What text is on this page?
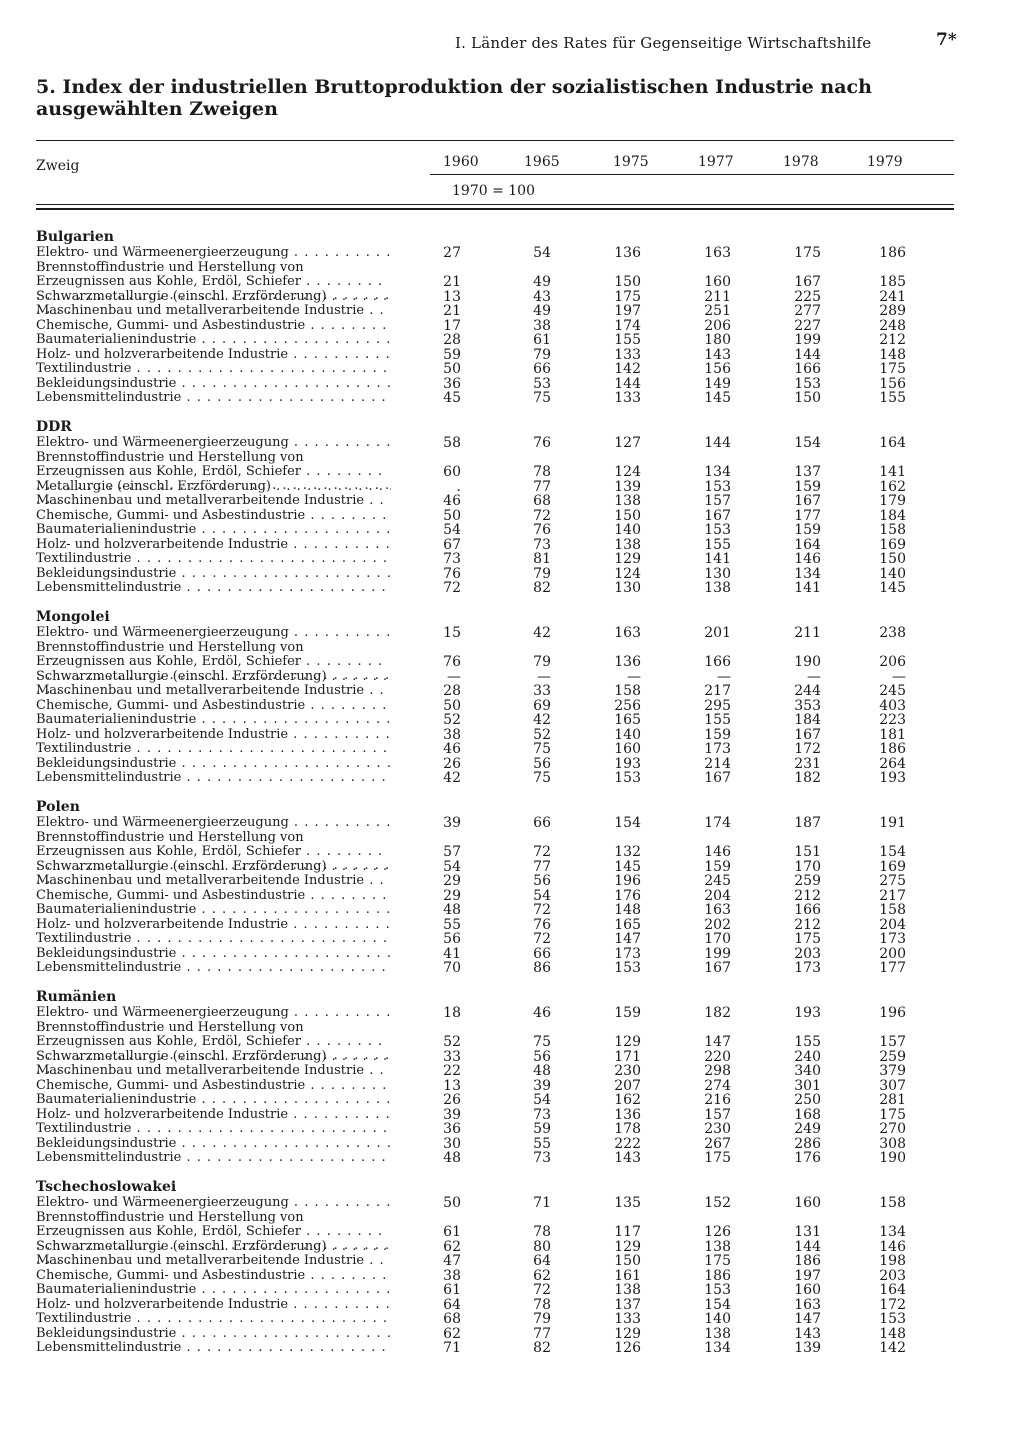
I. Länder des Rates für Gegenseitige Wirtschaftshilfe	7*
5. Index der industriellen Bruttoproduktion der sozialistischen Industrie nach ausgewählten Zweigen
Zweig	1960	1965	1975	1977	1978	1979
1970 = 100
Bulgarien
Elektro- und Wärmeenergieerzeugung . . .	27	54	136	163	175	186
Brennstoffindustrie und Herstellung von Erzeugnissen aus Kohle, Erdöl, Schiefer . . .	21	49	150	160	167	185
Schwarzmetallurgie (einschl. Erzförderung) . . .	13	43	175	211	225	241
Maschinenbau und metallverarbeitende Industrie . . .	21	49	197	251	277	289
Chemische, Gummi- und Asbestindustrie . . .	17	38	174	206	227	248
Baumaterialienindustrie . . .	28	61	155	180	199	212
Holz- und holzverarbeitende Industrie . . .	59	79	133	143	144	148
Textilindustrie . . .	50	66	142	156	166	175
Bekleidungsindustrie . . .	36	53	144	149	153	156
Lebensmittelindustrie . . .	45	75	133	145	150	155
DDR
Elektro- und Wärmeenergieerzeugung . . .	58	76	127	144	154	164
Brennstoffindustrie und Herstellung von Erzeugnissen aus Kohle, Erdöl, Schiefer . . .	60	78	124	134	137	141
Metallurgie (einschl. Erzförderung) . . .	.	77	139	153	159	162
Maschinenbau und metallverarbeitende Industrie . . .	46	68	138	157	167	179
Chemische, Gummi- und Asbestindustrie . . .	50	72	150	167	177	184
Baumaterialienindustrie . . .	54	76	140	153	159	158
Holz- und holzverarbeitende Industrie . . .	67	73	138	155	164	169
Textilindustrie . . .	73	81	129	141	146	150
Bekleidungsindustrie . . .	76	79	124	130	134	140
Lebensmittelindustrie . . .	72	82	130	138	141	145
Mongolei
Elektro- und Wärmeenergieerzeugung . . .	15	42	163	201	211	238
Brennstoffindustrie und Herstellung von Erzeugnissen aus Kohle, Erdöl, Schiefer . . .	76	79	136	166	190	206
Schwarzmetallurgie (einschl. Erzförderung) . . .	—	—	—	—	—	—
Maschinenbau und metallverarbeitende Industrie . . .	28	33	158	217	244	245
Chemische, Gummi- und Asbestindustrie . . .	50	69	256	295	353	403
Baumaterialienindustrie . . .	52	42	165	155	184	223
Holz- und holzverarbeitende Industrie . . .	38	52	140	159	167	181
Textilindustrie . . .	46	75	160	173	172	186
Bekleidungsindustrie . . .	26	56	193	214	231	264
Lebensmittelindustrie . . .	42	75	153	167	182	193
Polen
Elektro- und Wärmeenergieerzeugung . . .	39	66	154	174	187	191
Brennstoffindustrie und Herstellung von Erzeugnissen aus Kohle, Erdöl, Schiefer . . .	57	72	132	146	151	154
Schwarzmetallurgie (einschl. Erzförderung) . . .	54	77	145	159	170	169
Maschinenbau und metallverarbeitende Industrie . . .	29	56	196	245	259	275
Chemische, Gummi- und Asbestindustrie . . .	29	54	176	204	212	217
Baumaterialienindustrie . . .	48	72	148	163	166	158
Holz- und holzverarbeitende Industrie . . .	55	76	165	202	212	204
Textilindustrie . . .	56	72	147	170	175	173
Bekleidungsindustrie . . .	41	66	173	199	203	200
Lebensmittelindustrie . . .	70	86	153	167	173	177
Rumänien
Elektro- und Wärmeenergieerzeugung . . .	18	46	159	182	193	196
Brennstoffindustrie und Herstellung von Erzeugnissen aus Kohle, Erdöl, Schiefer . . .	52	75	129	147	155	157
Schwarzmetallurgie (einschl. Erzförderung) . . .	33	56	171	220	240	259
Maschinenbau und metallverarbeitende Industrie . . .	22	48	230	298	340	379
Chemische, Gummi- und Asbestindustrie . . .	13	39	207	274	301	307
Baumaterialienindustrie . . .	26	54	162	216	250	281
Holz- und holzverarbeitende Industrie . . .	39	73	136	157	168	175
Textilindustrie . . .	36	59	178	230	249	270
Bekleidungsindustrie . . .	30	55	222	267	286	308
Lebensmittelindustrie . . .	48	73	143	175	176	190
Tschechoslowakei
Elektro- und Wärmeenergieerzeugung . . .	50	71	135	152	160	158
Brennstoffindustrie und Herstellung von Erzeugnissen aus Kohle, Erdöl, Schiefer . . .	61	78	117	126	131	134
Schwarzmetallurgie (einschl. Erzförderung) . . .	62	80	129	138	144	146
Maschinenbau und metallverarbeitende Industrie . . .	47	64	150	175	186	198
Chemische, Gummi- und Asbestindustrie . . .	38	62	161	186	197	203
Baumaterialienindustrie . . .	61	72	138	153	160	164
Holz- und holzverarbeitende Industrie . . .	64	78	137	154	163	172
Textilindustrie . . .	68	79	133	140	147	153
Bekleidungsindustrie . . .	62	77	129	138	143	148
Lebensmittelindustrie . . .	71	82	126	134	139	142
